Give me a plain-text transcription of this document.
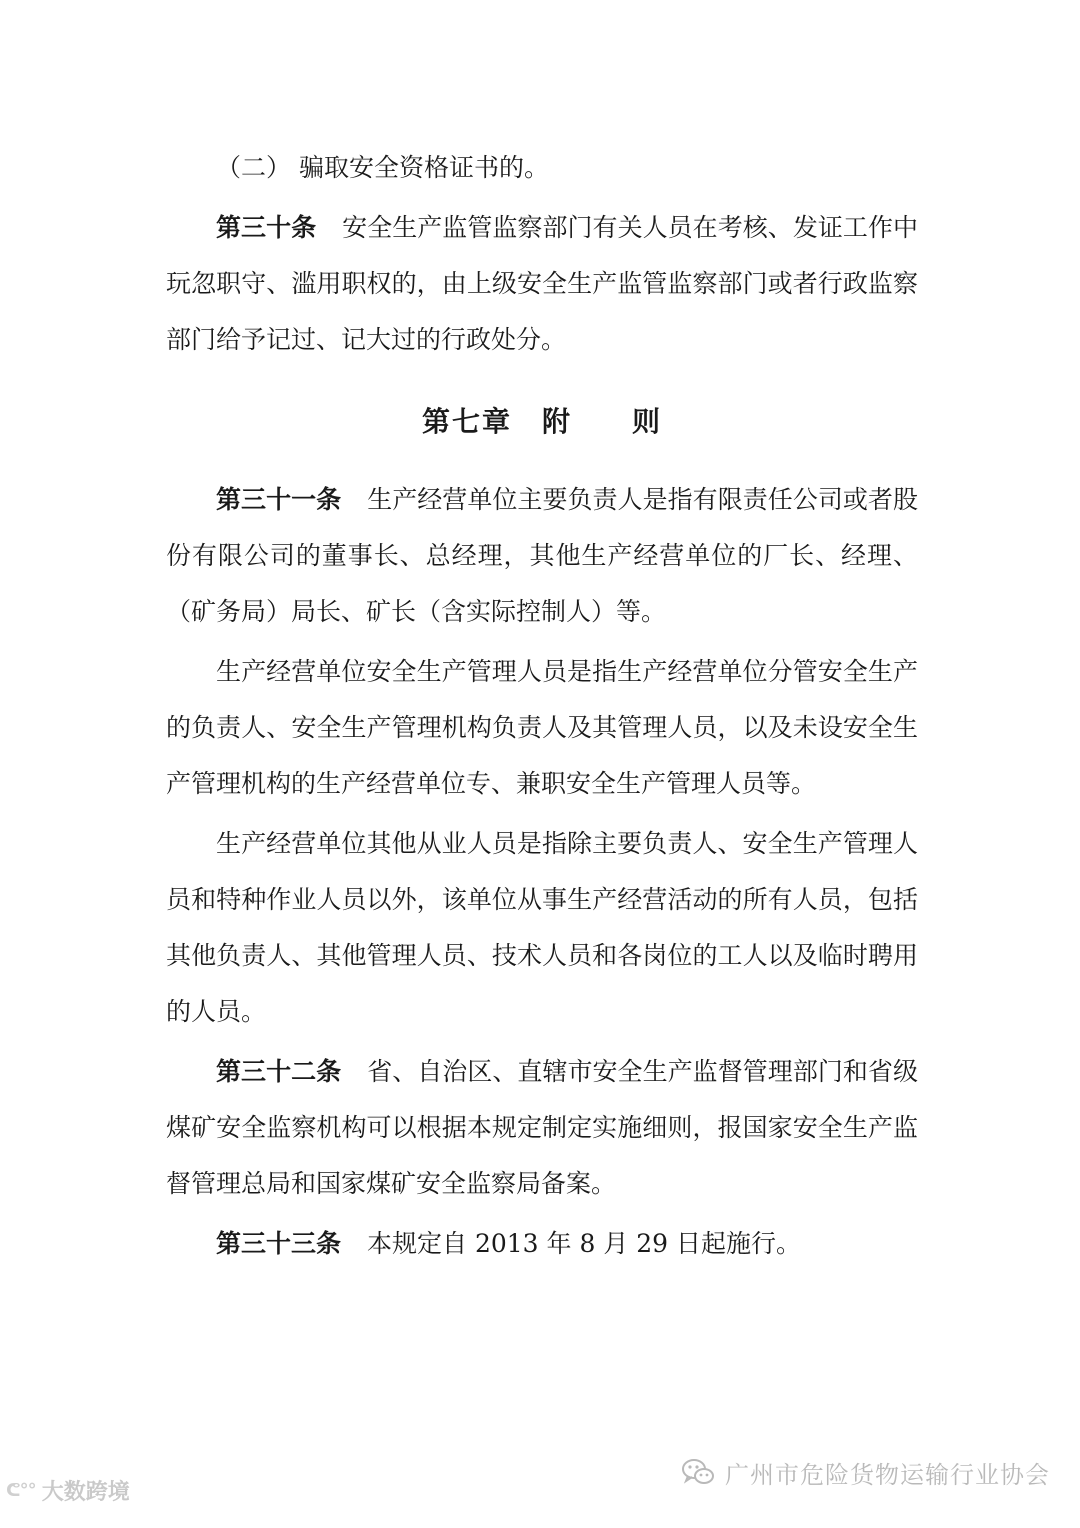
（二） 骗取安全资格证书的。

第三十条 安全生产监管监察部门有关人员在考核、发证工作中玩忽职守、滥用职权的，由上级安全生产监管监察部门或者行政监察部门给予记过、记大过的行政处分。

第七章　附　　则

第三十一条 生产经营单位主要负责人是指有限责任公司或者股份有限公司的董事长、总经理，其他生产经营单位的厂长、经理、（矿务局）局长、矿长（含实际控制人）等。

生产经营单位安全生产管理人员是指生产经营单位分管安全生产的负责人、安全生产管理机构负责人及其管理人员，以及未设安全生产管理机构的生产经营单位专、兼职安全生产管理人员等。

生产经营单位其他从业人员是指除主要负责人、安全生产管理人员和特种作业人员以外，该单位从事生产经营活动的所有人员，包括其他负责人、其他管理人员、技术人员和各岗位的工人以及临时聘用的人员。

第三十二条 省、自治区、直辖市安全生产监督管理部门和省级煤矿安全监察机构可以根据本规定制定实施细则，报国家安全生产监督管理总局和国家煤矿安全监察局备案。

第三十三条 本规定自 2013 年 8 月 29 日起施行。

ᕦ°° 大数跨境
广州市危险货物运输行业协会
